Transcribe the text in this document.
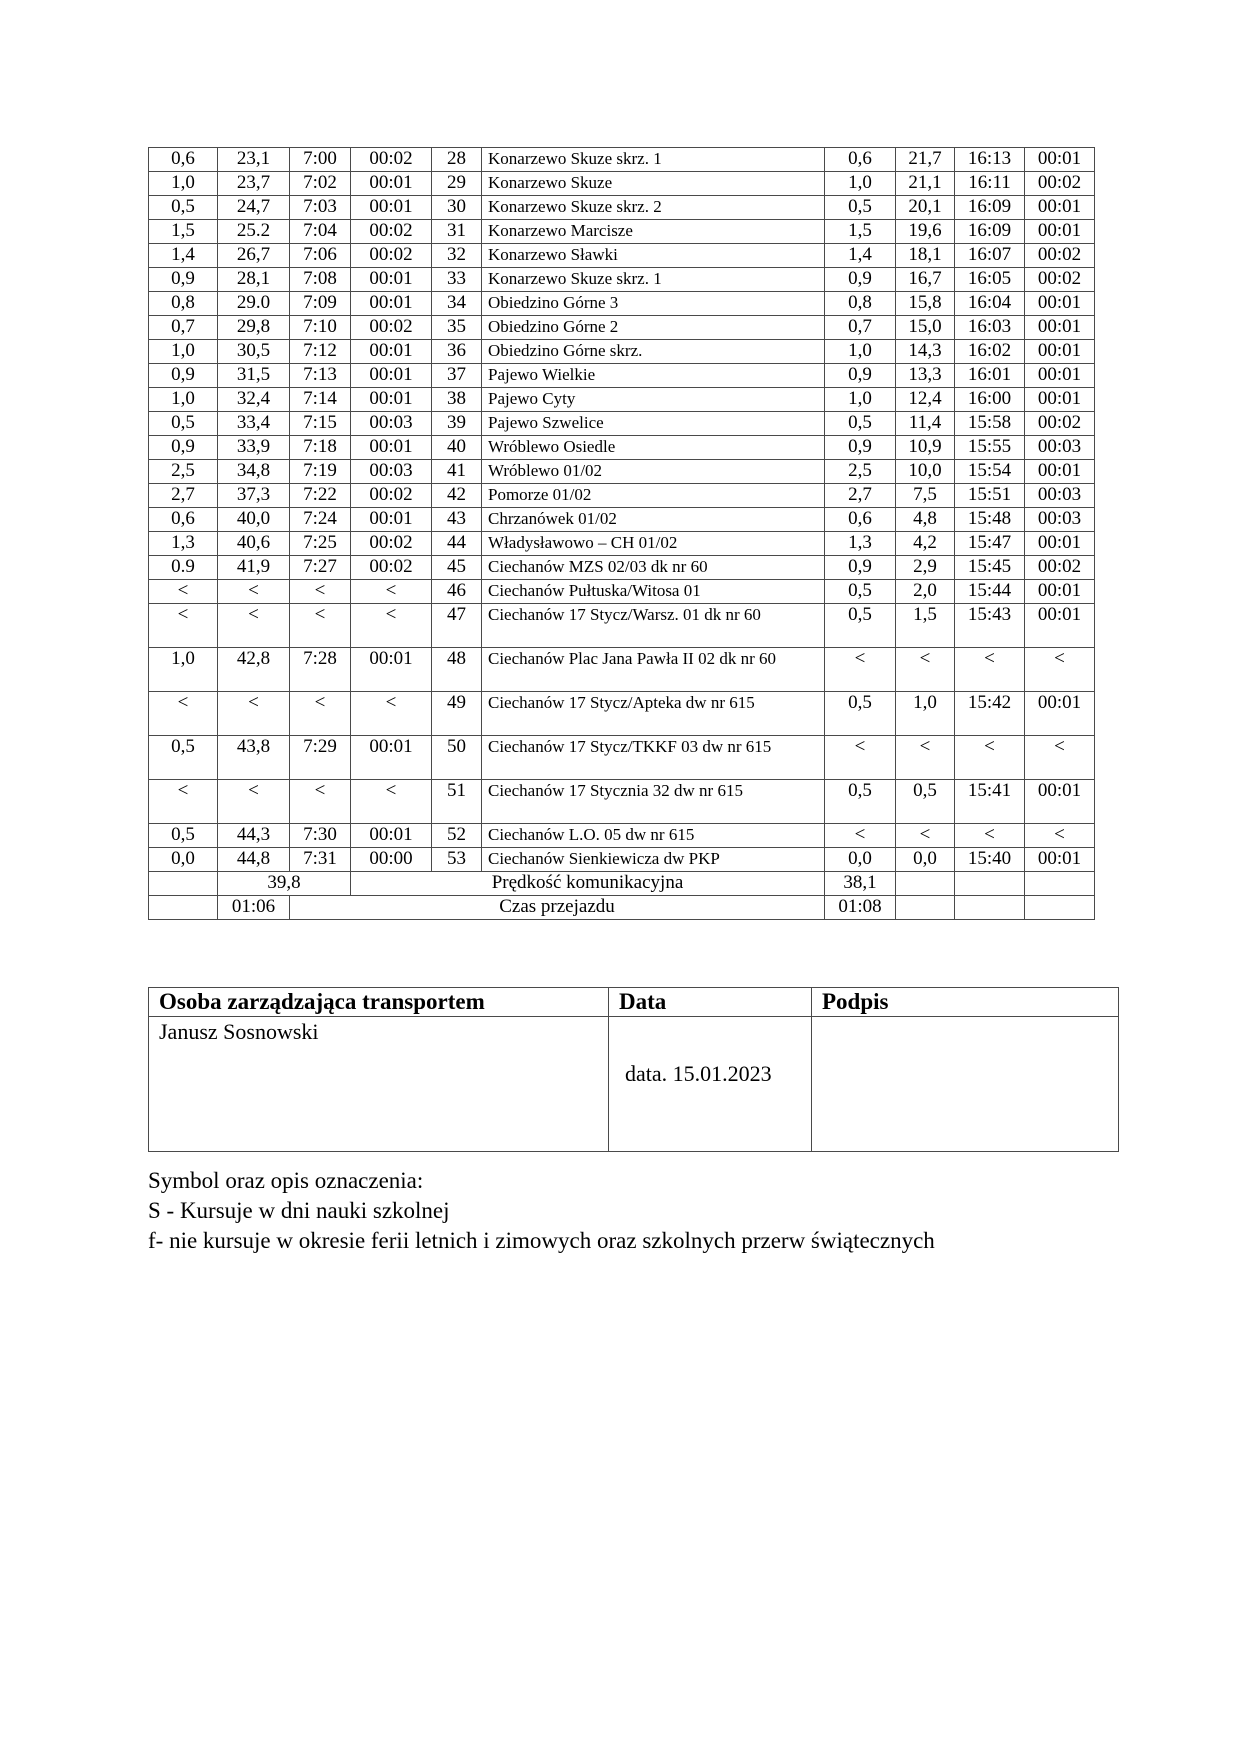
0,6	23,1	7:00	00:02	28	Konarzewo Skuze skrz. 1	0,6	21,7	16:13	00:01
1,0	23,7	7:02	00:01	29	Konarzewo Skuze	1,0	21,1	16:11	00:02
0,5	24,7	7:03	00:01	30	Konarzewo Skuze skrz. 2	0,5	20,1	16:09	00:01
1,5	25.2	7:04	00:02	31	Konarzewo Marcisze	1,5	19,6	16:09	00:01
1,4	26,7	7:06	00:02	32	Konarzewo Sławki	1,4	18,1	16:07	00:02
0,9	28,1	7:08	00:01	33	Konarzewo Skuze skrz. 1	0,9	16,7	16:05	00:02
0,8	29.0	7:09	00:01	34	Obiedzino Górne 3	0,8	15,8	16:04	00:01
0,7	29,8	7:10	00:02	35	Obiedzino Górne 2	0,7	15,0	16:03	00:01
1,0	30,5	7:12	00:01	36	Obiedzino Górne skrz.	1,0	14,3	16:02	00:01
0,9	31,5	7:13	00:01	37	Pajewo Wielkie	0,9	13,3	16:01	00:01
1,0	32,4	7:14	00:01	38	Pajewo Cyty	1,0	12,4	16:00	00:01
0,5	33,4	7:15	00:03	39	Pajewo Szwelice	0,5	11,4	15:58	00:02
0,9	33,9	7:18	00:01	40	Wróblewo Osiedle	0,9	10,9	15:55	00:03
2,5	34,8	7:19	00:03	41	Wróblewo 01/02	2,5	10,0	15:54	00:01
2,7	37,3	7:22	00:02	42	Pomorze 01/02	2,7	7,5	15:51	00:03
0,6	40,0	7:24	00:01	43	Chrzanówek 01/02	0,6	4,8	15:48	00:03
1,3	40,6	7:25	00:02	44	Władysławowo – CH 01/02	1,3	4,2	15:47	00:01
0.9	41,9	7:27	00:02	45	Ciechanów MZS 02/03 dk nr 60	0,9	2,9	15:45	00:02
<	<	<	<	46	Ciechanów Pułtuska/Witosa 01	0,5	2,0	15:44	00:01
<	<	<	<	47	Ciechanów 17 Stycz/Warsz. 01 dk nr 60	0,5	1,5	15:43	00:01
1,0	42,8	7:28	00:01	48	Ciechanów Plac Jana Pawła II 02 dk nr 60	<	<	<	<
<	<	<	<	49	Ciechanów 17 Stycz/Apteka dw nr 615	0,5	1,0	15:42	00:01
0,5	43,8	7:29	00:01	50	Ciechanów 17 Stycz/TKKF 03 dw nr 615	<	<	<	<
<	<	<	<	51	Ciechanów 17 Stycznia 32 dw nr 615	0,5	0,5	15:41	00:01
0,5	44,3	7:30	00:01	52	Ciechanów L.O. 05 dw nr 615	<	<	<	<
0,0	44,8	7:31	00:00	53	Ciechanów Sienkiewicza dw PKP	0,0	0,0	15:40	00:01
	39,8		Prędkość komunikacyjna			38,1			
	01:06	Czas przejazdu				01:08			
Osoba zarządzająca transportem	Data	Podpis
Janusz Sosnowski	data. 15.01.2023	
Symbol oraz opis oznaczenia:
S - Kursuje w dni nauki szkolnej
f- nie kursuje w okresie ferii letnich i zimowych oraz szkolnych przerw świątecznych
